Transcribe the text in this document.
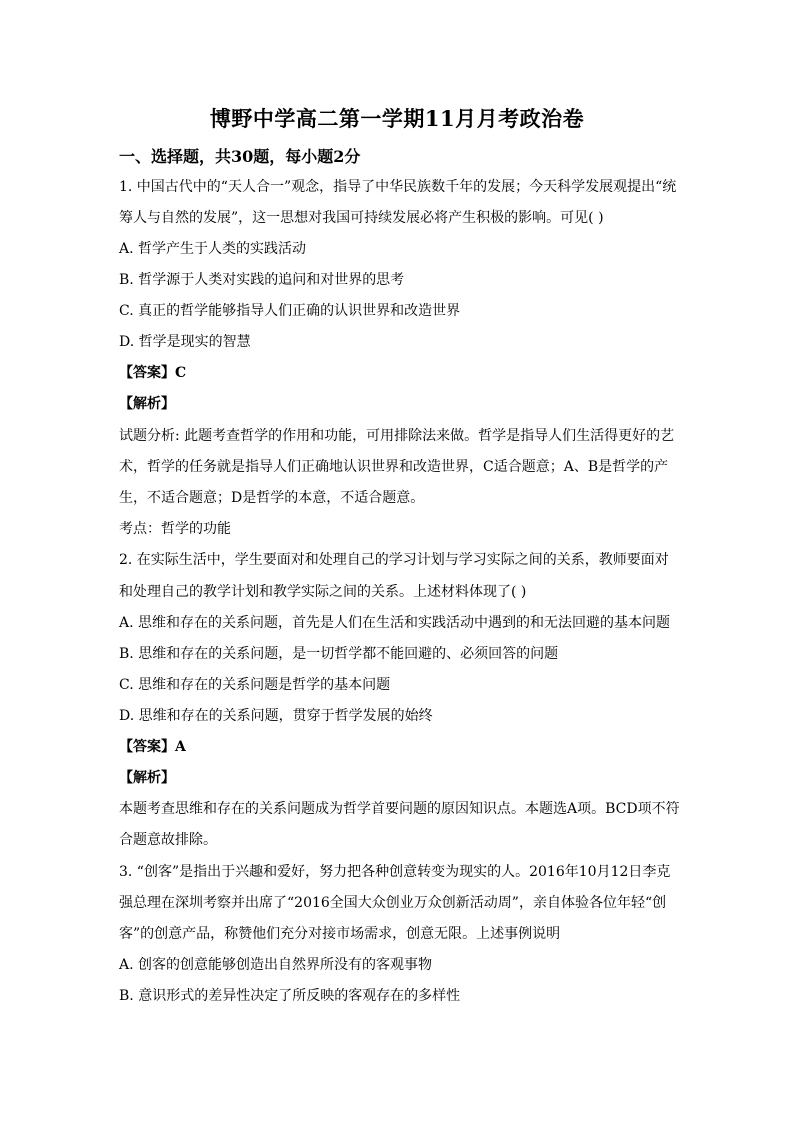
博野中学高二第一学期11月月考政治卷
一、选择题，共30题，每小题2分
1. 中国古代中的“天人合一”观念，指导了中华民族数千年的发展；今天科学发展观提出“统
筹人与自然的发展”，这一思想对我国可持续发展必将产生积极的影响。可见( )
A. 哲学产生于人类的实践活动
B. 哲学源于人类对实践的追问和对世界的思考
C. 真正的哲学能够指导人们正确的认识世界和改造世界
D. 哲学是现实的智慧
【答案】C
【解析】
试题分析: 此题考查哲学的作用和功能，可用排除法来做。哲学是指导人们生活得更好的艺
术，哲学的任务就是指导人们正确地认识世界和改造世界，C适合题意；A、B是哲学的产
生，不适合题意；D是哲学的本意，不适合题意。
考点：哲学的功能
2. 在实际生活中，学生要面对和处理自己的学习计划与学习实际之间的关系，教师要面对
和处理自己的教学计划和教学实际之间的关系。上述材料体现了( )
A. 思维和存在的关系问题，首先是人们在生活和实践活动中遇到的和无法回避的基本问题
B. 思维和存在的关系问题，是一切哲学都不能回避的、必须回答的问题
C. 思维和存在的关系问题是哲学的基本问题
D. 思维和存在的关系问题，贯穿于哲学发展的始终
【答案】A
【解析】
本题考查思维和存在的关系问题成为哲学首要问题的原因知识点。本题选A项。BCD项不符
合题意故排除。
3. “创客”是指出于兴趣和爱好，努力把各种创意转变为现实的人。2016年10月12日李克
强总理在深圳考察并出席了“2016全国大众创业万众创新活动周”，亲自体验各位年轻“创
客”的创意产品，称赞他们充分对接市场需求，创意无限。上述事例说明
A. 创客的创意能够创造出自然界所没有的客观事物
B. 意识形式的差异性决定了所反映的客观存在的多样性
